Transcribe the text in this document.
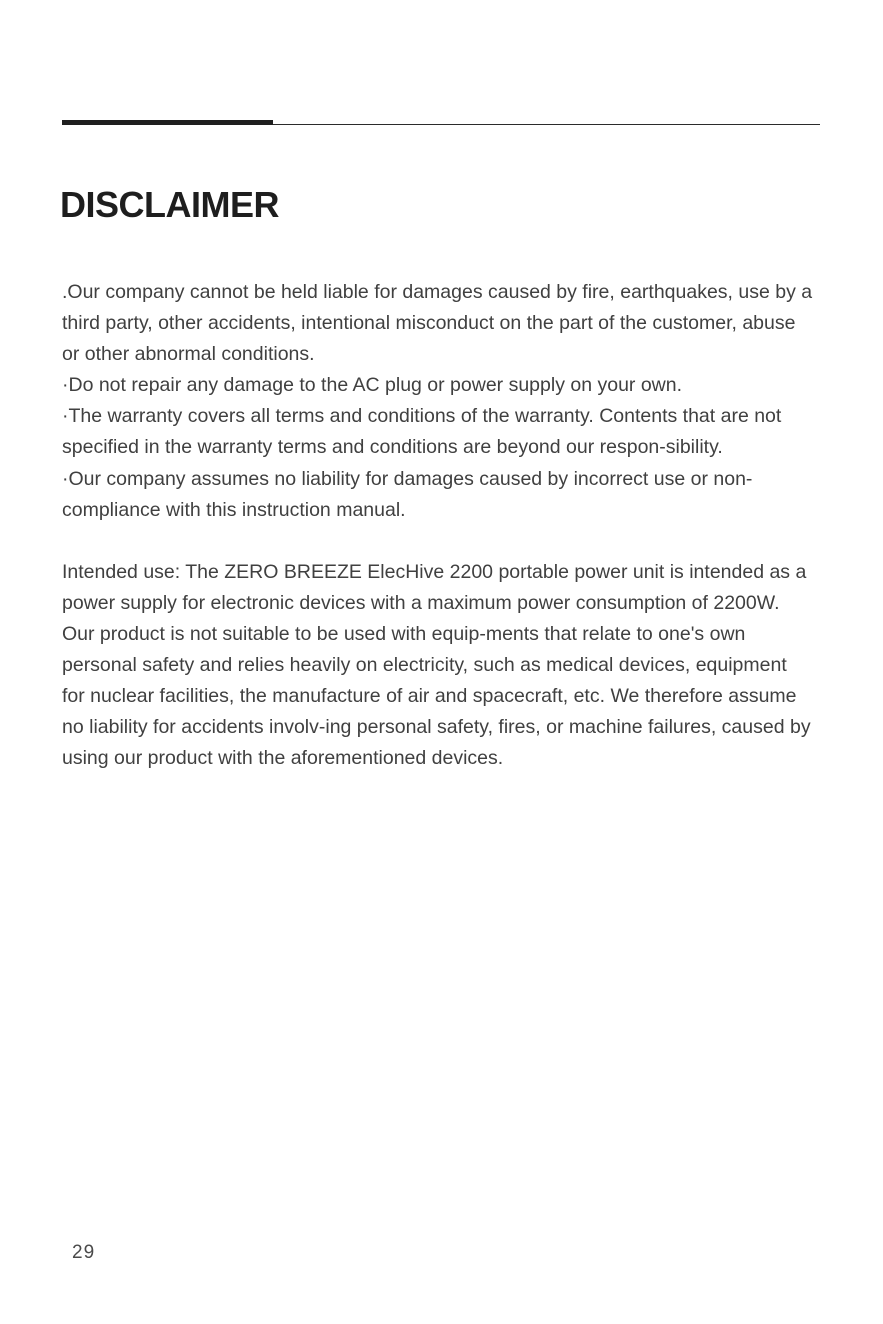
DISCLAIMER

.Our company cannot be held liable for damages caused by fire, earthquakes, use by a third party, other accidents, intentional misconduct on the part of the customer, abuse or other abnormal conditions.

·Do not repair any damage to the AC plug or power supply on your own.

·The warranty covers all terms and conditions of the warranty. Contents that are not specified in the warranty terms and conditions are beyond our respon-sibility.

·Our company assumes no liability for damages caused by incorrect use or non-compliance with this instruction manual.

Intended use: The ZERO BREEZE ElecHive 2200 portable power unit is intended as a power supply for electronic devices with a maximum power consumption of 2200W. Our product is not suitable to be used with equip-ments that relate to one's own personal safety and relies heavily on electricity, such as medical devices, equipment for nuclear facilities, the manufacture of air and spacecraft, etc. We therefore assume no liability for accidents involv-ing personal safety, fires, or machine failures, caused by using our product with the aforementioned devices.

29
